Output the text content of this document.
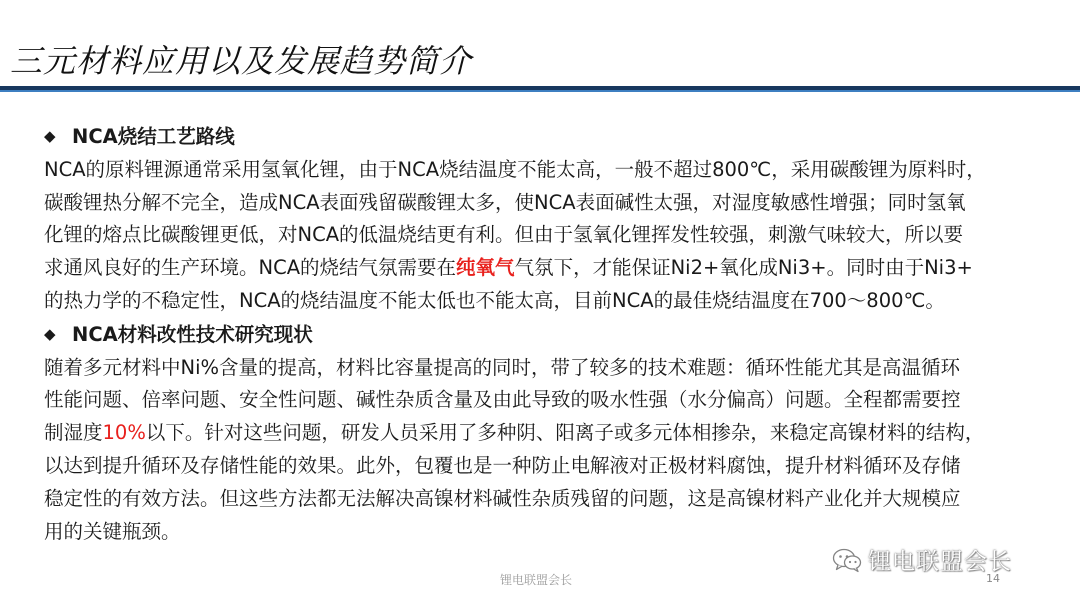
三元材料应用以及发展趋势简介
◆ NCA烧结工艺路线

NCA的原料锂源通常采用氢氧化锂，由于NCA烧结温度不能太高，一般不超过800℃，采用碳酸锂为原料时，

碳酸锂热分解不完全，造成NCA表面残留碳酸锂太多，使NCA表面碱性太强，对湿度敏感性增强；同时氢氧

化锂的熔点比碳酸锂更低，对NCA的低温烧结更有利。但由于氢氧化锂挥发性较强，刺激气味较大，所以要

求通风良好的生产环境。NCA的烧结气氛需要在纯氧气气氛下，才能保证Ni2+氧化成Ni3+。同时由于Ni3+

的热力学的不稳定性，NCA的烧结温度不能太低也不能太高，目前NCA的最佳烧结温度在700～800℃。

◆ NCA材料改性技术研究现状

随着多元材料中Ni%含量的提高，材料比容量提高的同时，带了较多的技术难题：循环性能尤其是高温循环

性能问题、倍率问题、安全性问题、碱性杂质含量及由此导致的吸水性强（水分偏高）问题。全程都需要控

制湿度10%以下。针对这些问题，研发人员采用了多种阴、阳离子或多元体相掺杂，来稳定高镍材料的结构，

以达到提升循环及存储性能的效果。此外，包覆也是一种防止电解液对正极材料腐蚀，提升材料循环及存储

稳定性的有效方法。但这些方法都无法解决高镍材料碱性杂质残留的问题，这是高镍材料产业化并大规模应

用的关键瓶颈。

锂电联盟会长	14
锂电联盟会长
